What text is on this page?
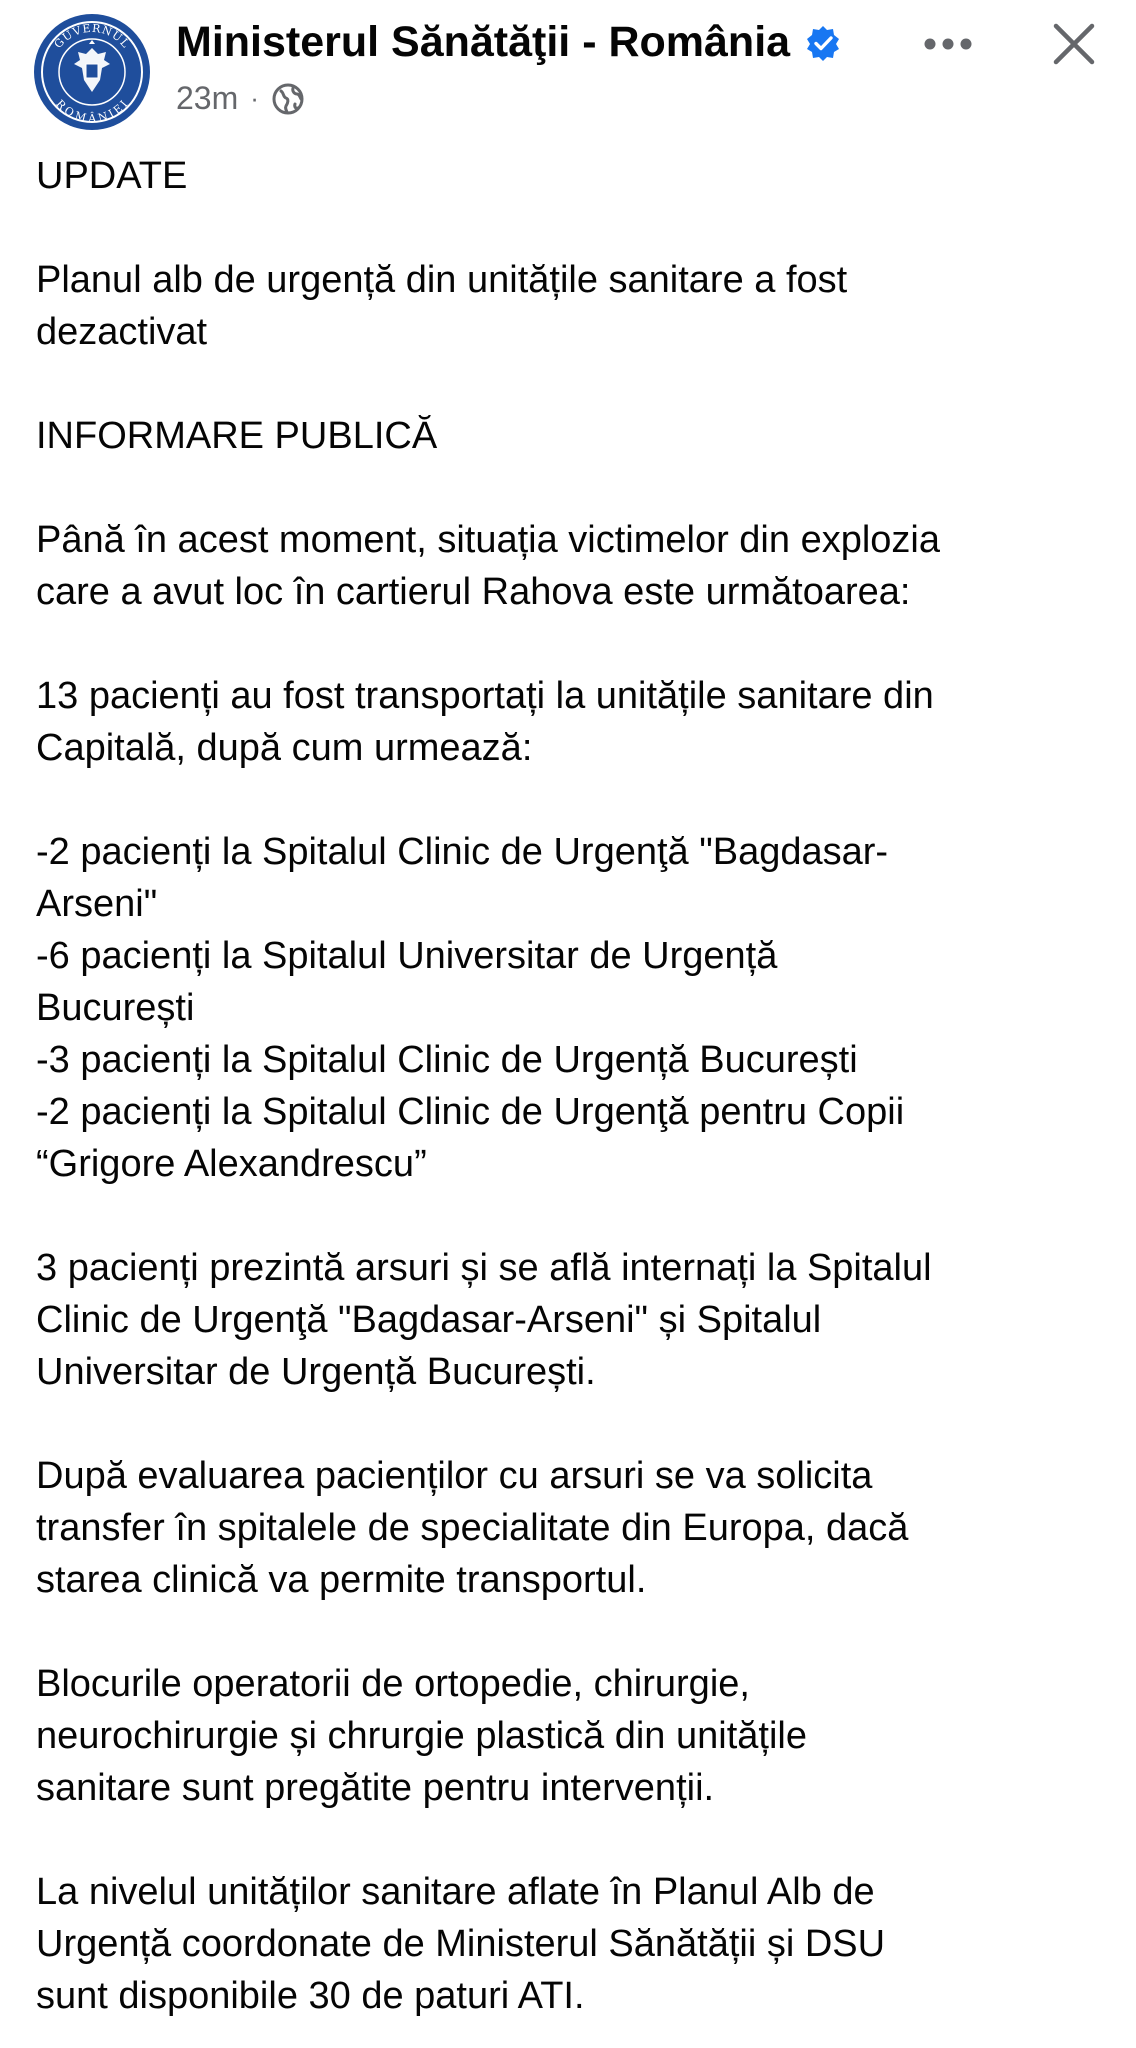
GUVERNUL
ROMÂNIEI
Ministerul Sănătăţii - România
23m ·

UPDATE

Planul alb de urgență din unitățile sanitare a fost

dezactivat

INFORMARE PUBLICĂ

Până în acest moment, situația victimelor din explozia

care a avut loc în cartierul Rahova este următoarea:

13 pacienți au fost transportați la unitățile sanitare din

Capitală, după cum urmează:

-2 pacienți la Spitalul Clinic de Urgenţă "Bagdasar-

Arseni"

-6 pacienți la Spitalul Universitar de Urgență

București

-3 pacienți la Spitalul Clinic de Urgență București

-2 pacienți la Spitalul Clinic de Urgenţă pentru Copii

“Grigore Alexandrescu”

3 pacienți prezintă arsuri și se află internați la Spitalul

Clinic de Urgenţă "Bagdasar-Arseni" și Spitalul

Universitar de Urgență București.

După evaluarea pacienților cu arsuri se va solicita

transfer în spitalele de specialitate din Europa, dacă

starea clinică va permite transportul.

Blocurile operatorii de ortopedie, chirurgie,

neurochirurgie și chrurgie plastică din unitățile

sanitare sunt pregătite pentru intervenții.

La nivelul unităților sanitare aflate în Planul Alb de

Urgență coordonate de Ministerul Sănătății și DSU

sunt disponibile 30 de paturi ATI.
